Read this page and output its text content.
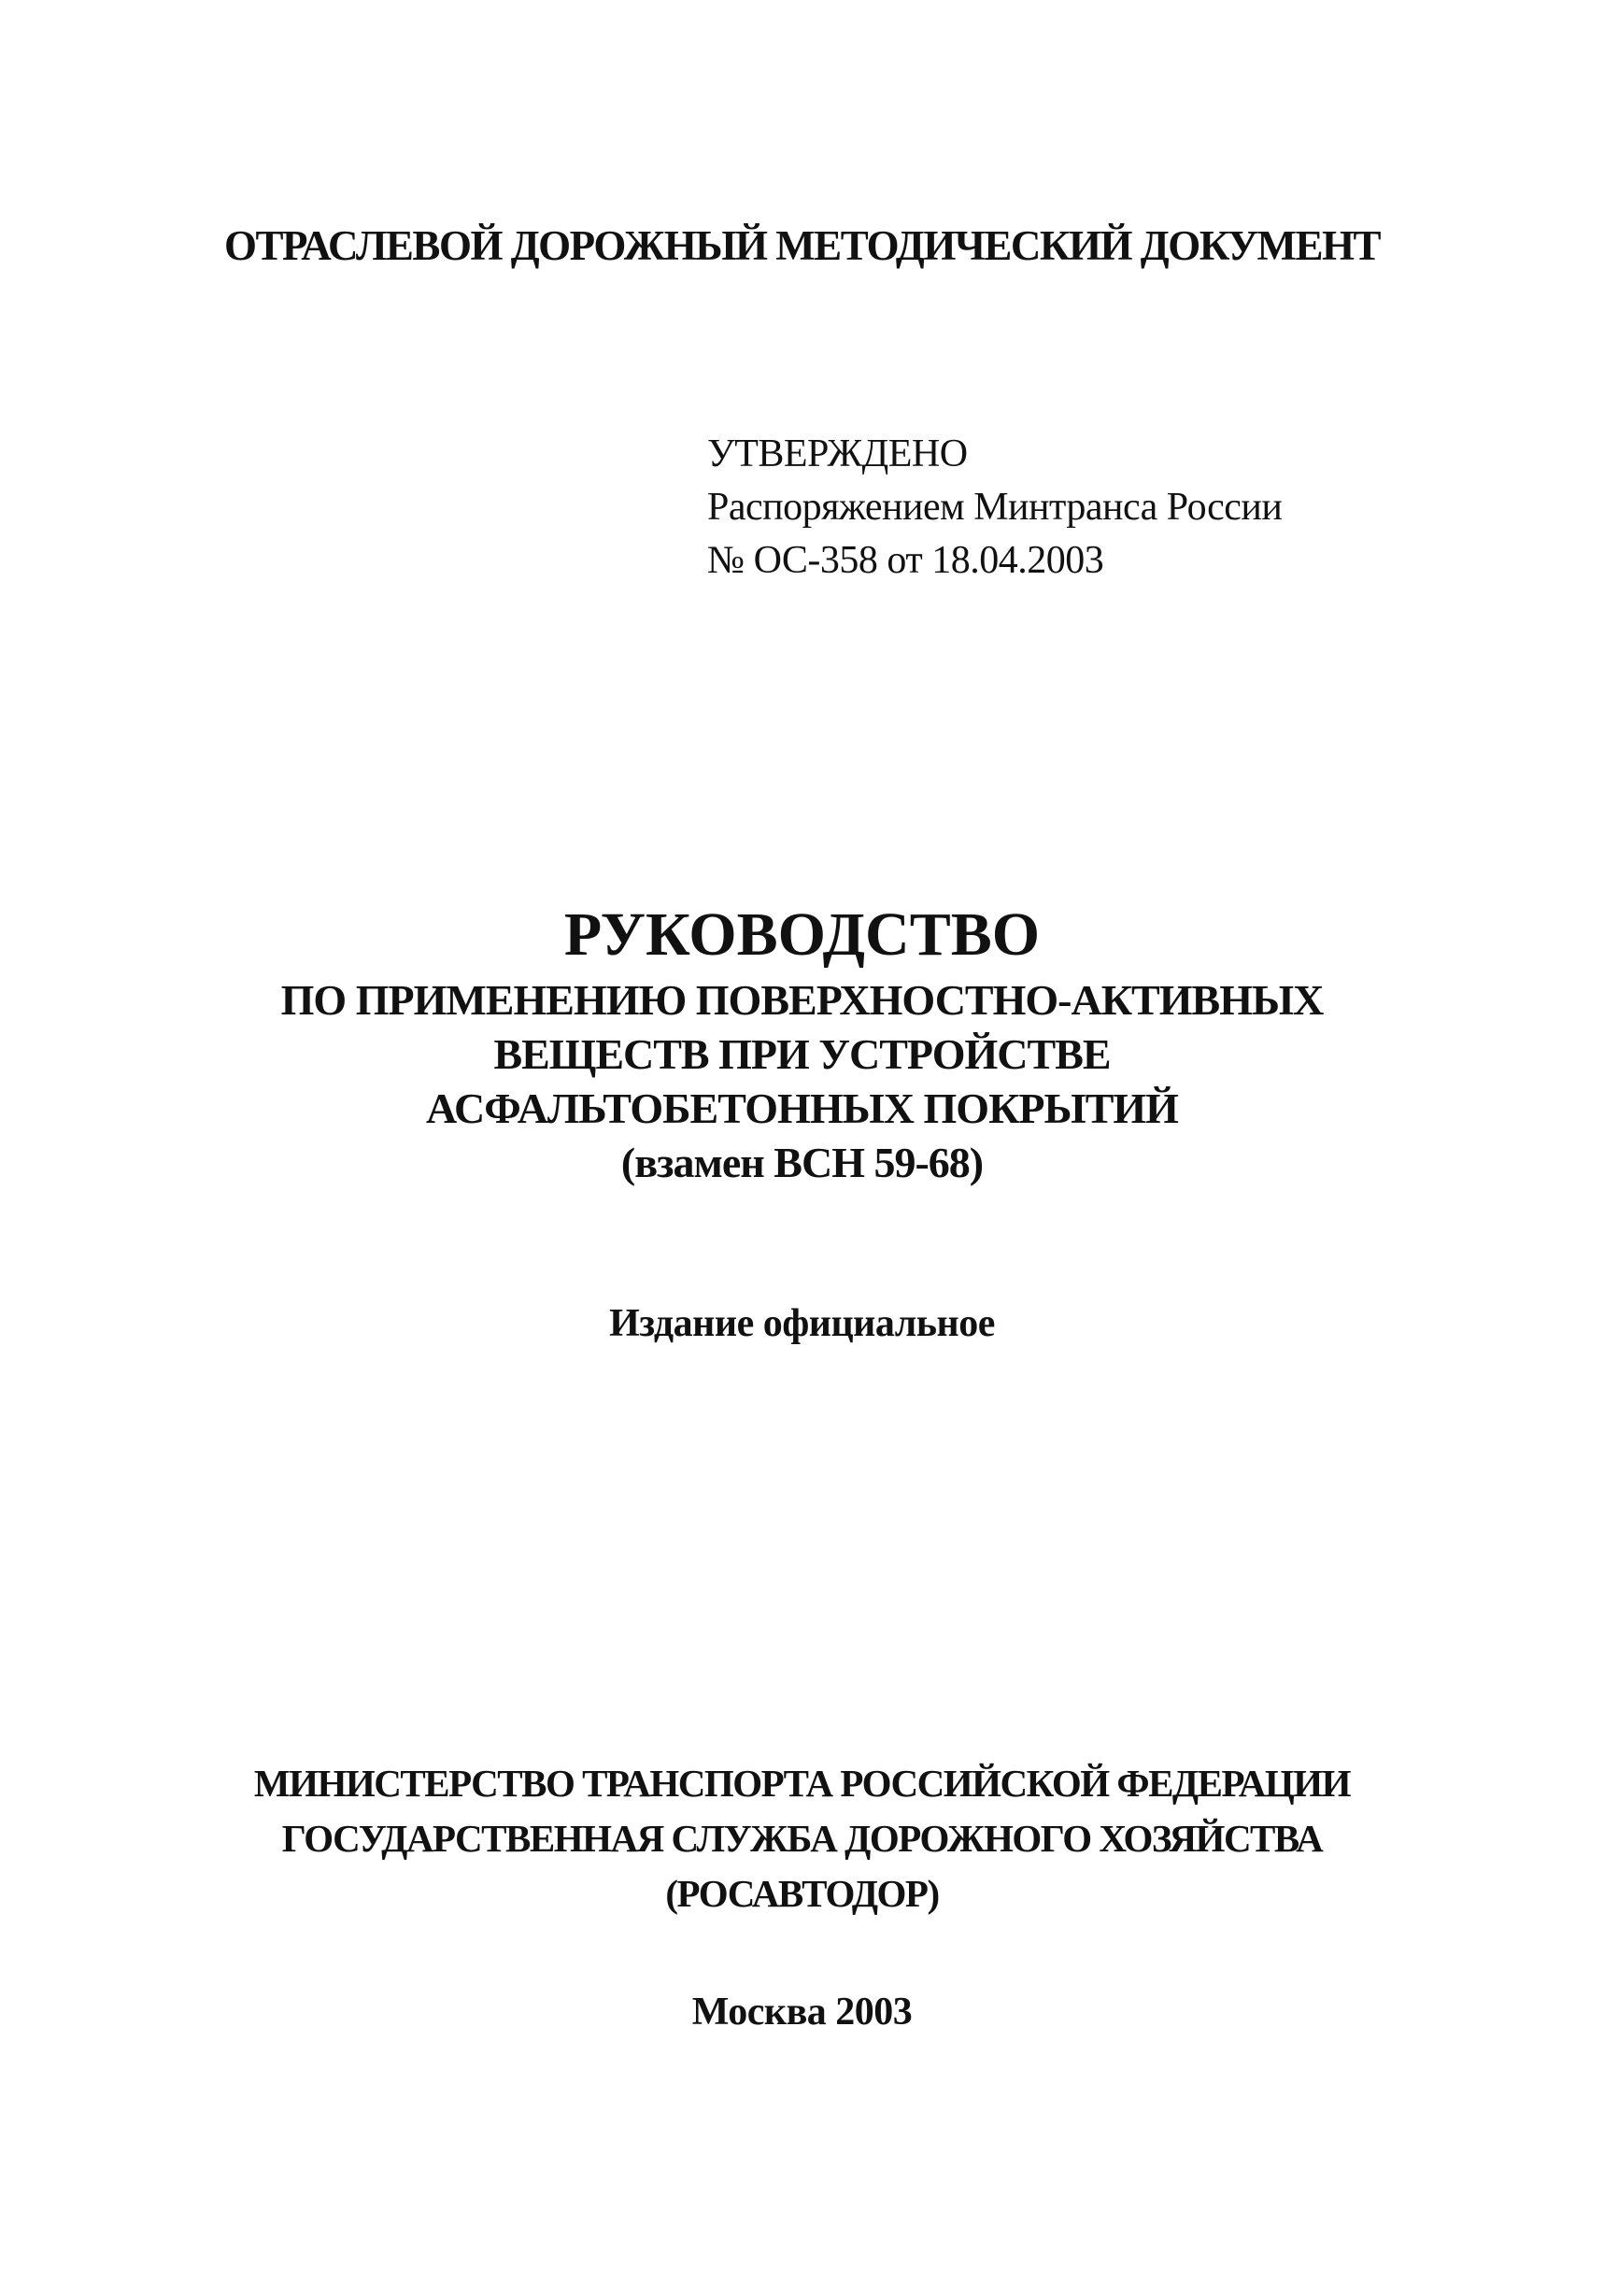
ОТРАСЛЕВОЙ ДОРОЖНЫЙ МЕТОДИЧЕСКИЙ ДОКУМЕНТ
УТВЕРЖДЕНО
Распоряжением Минтранса России
№ ОС-358 от 18.04.2003
РУКОВОДСТВО
ПО ПРИМЕНЕНИЮ ПОВЕРХНОСТНО-АКТИВНЫХ
ВЕЩЕСТВ ПРИ УСТРОЙСТВЕ
АСФАЛЬТОБЕТОННЫХ ПОКРЫТИЙ
(взамен ВСН 59-68)
Издание официальное
МИНИСТЕРСТВО ТРАНСПОРТА РОССИЙСКОЙ ФЕДЕРАЦИИ
ГОСУДАРСТВЕННАЯ СЛУЖБА ДОРОЖНОГО ХОЗЯЙСТВА
(РОСАВТОДОР)
Москва 2003
